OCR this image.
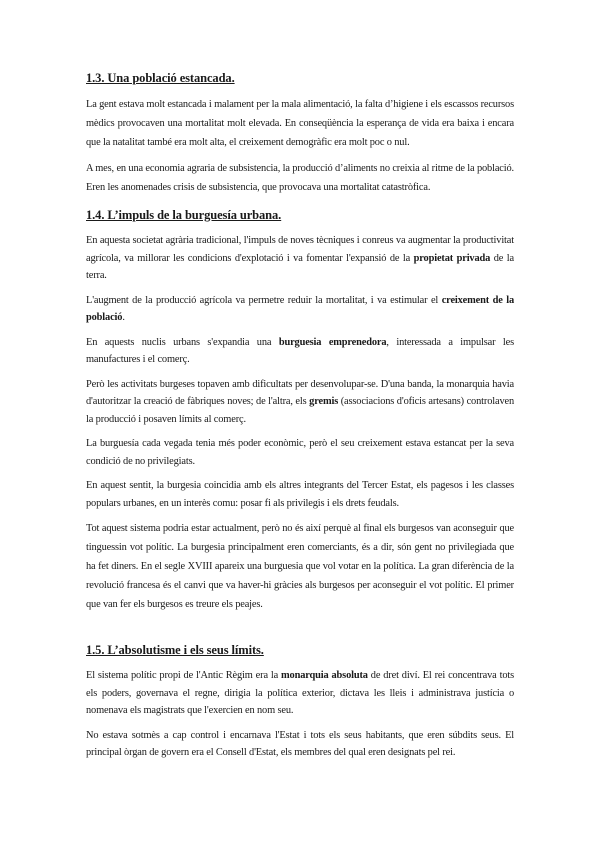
1.3. Una població estancada.

La gent estava molt estancada i malament per la mala alimentació, la falta d’higiene i els escassos recursos mèdics provocaven una mortalitat molt elevada. En conseqüència la esperança de vida era baixa i encara que la natalitat també era molt alta, el creixement demogràfic era molt poc o nul.

A mes, en una economia agraria de subsistencia, la producció d’aliments no creixia al ritme de la població. Eren les anomenades crisis de subsistencia, que provocava una mortalitat catastròfica.

1.4. L’impuls de la burguesía urbana.

En aquesta societat agrària tradicional, l'impuls de noves tècniques i conreus va augmentar la productivitat agrícola, va millorar les condicions d'explotació i va fomentar l'expansió de la propietat privada de la terra.

L'augment de la producció agrícola va permetre reduir la mortalitat, i va estimular el creixement de la població.

En aquests nuclis urbans s'expandia una burguesia emprenedora, interessada a impulsar les manufactures i el comerç.

Però les activitats burgeses topaven amb dificultats per desenvolupar-se. D'una banda, la monarquia havia d'autoritzar la creació de fàbriques noves; de l'altra, els gremis (associacions d'oficis artesans) controlaven la producció i posaven límits al comerç.

La burguesía cada vegada tenia més poder econòmic, però el seu creixement estava estancat per la seva condició de no privilegiats.

En aquest sentit, la burgesia coincidia amb els altres integrants del Tercer Estat, els pagesos i les classes populars urbanes, en un interès comu: posar fi als privilegis i els drets feudals.

Tot aquest sistema podria estar actualment, però no és així perquè al final els burgesos van aconseguir que tinguessin vot polític. La burgesia principalment eren comerciants, és a dir, són gent no privilegiada que ha fet diners. En el segle XVIII apareix una burguesia que vol votar en la política. La gran diferència de la revolució francesa és el canvi que va haver-hi gràcies als burgesos per aconseguir el vot polític. El primer que van fer els burgesos es treure els peajes.

1.5. L’absolutisme i els seus límits.

El sistema polític propi de l'Antic Règim era la monarquia absoluta de dret diví. El rei concentrava tots els poders, governava el regne, dirigia la política exterior, dictava les lleis i administrava justícia o nomenava els magistrats que l'exercien en nom seu.

No estava sotmès a cap control i encarnava l'Estat i tots els seus habitants, que eren súbdits seus. El principal òrgan de govern era el Consell d'Estat, els membres del qual eren designats pel rei.
